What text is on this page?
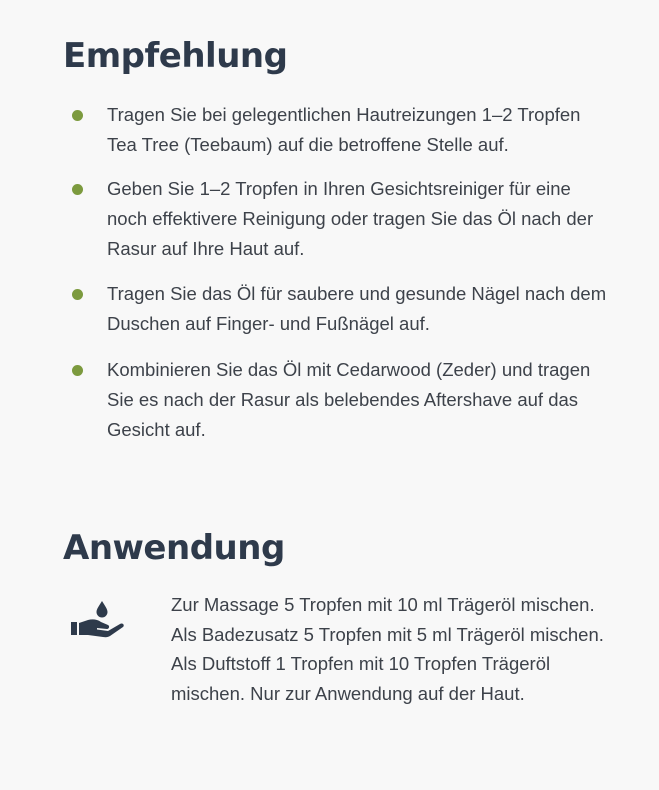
Empfehlung
Tragen Sie bei gelegentlichen Hautreizungen 1–2 Tropfen Tea Tree (Teebaum) auf die betroffene Stelle auf.
Geben Sie 1–2 Tropfen in Ihren Gesichtsreiniger für eine noch effektivere Reinigung oder tragen Sie das Öl nach der Rasur auf Ihre Haut auf.
Tragen Sie das Öl für saubere und gesunde Nägel nach dem Duschen auf Finger- und Fußnägel auf.
Kombinieren Sie das Öl mit Cedarwood (Zeder) und tragen Sie es nach der Rasur als belebendes Aftershave auf das Gesicht auf.
Anwendung
Zur Massage 5 Tropfen mit 10 ml Trägeröl mischen. Als Badezusatz 5 Tropfen mit 5 ml Trägeröl mischen. Als Duftstoff 1 Tropfen mit 10 Tropfen Trägeröl mischen. Nur zur Anwendung auf der Haut.
